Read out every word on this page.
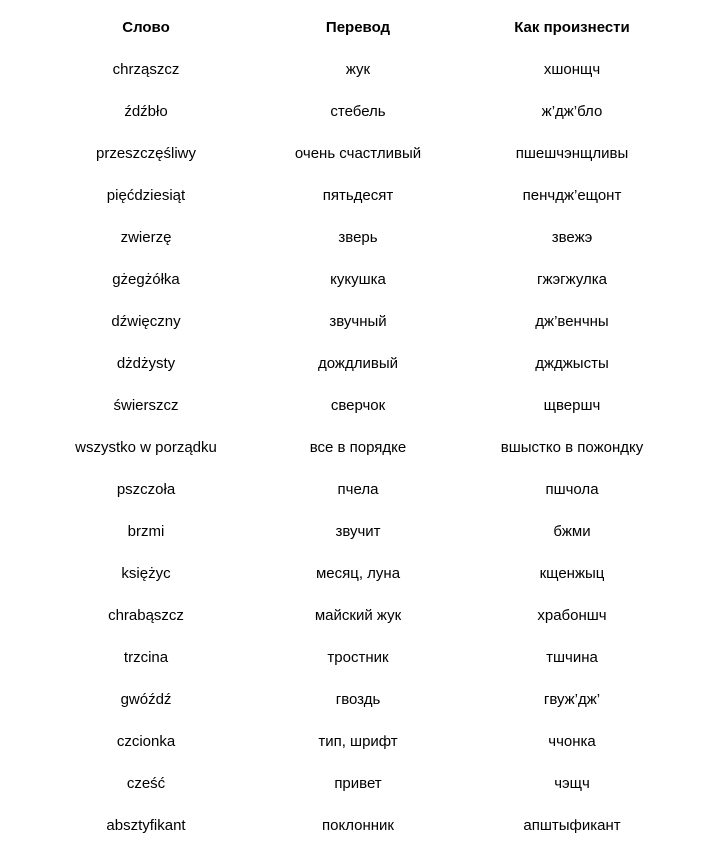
Слово	Перевод	Как произнести
chrząszcz	жук	хшонщч
źdźbło	стебель	ж’дж’бло
przeszczęśliwy	очень счастливый	пшешчэнщливы
pięćdziesiąt	пятьдесят	пенчдж’ещонт
zwierzę	зверь	звежэ
gżegżółka	кукушка	гжэгжулка
dźwięczny	звучный	дж’венчны
dżdżysty	дождливый	джджысты
świerszcz	сверчок	щвершч
wszystko w porządku	все в порядке	вшыстко в пожондку
pszczoła	пчела	пшчола
brzmi	звучит	бжми
księżyc	месяц, луна	кщенжыц
chrabąszcz	майский жук	храбоншч
trzcina	тростник	тшчина
gwóźdź	гвоздь	гвуж’дж’
czcionka	тип, шрифт	ччонка
cześć	привет	чэщч
absztyfikant	поклонник	апштыфикант
